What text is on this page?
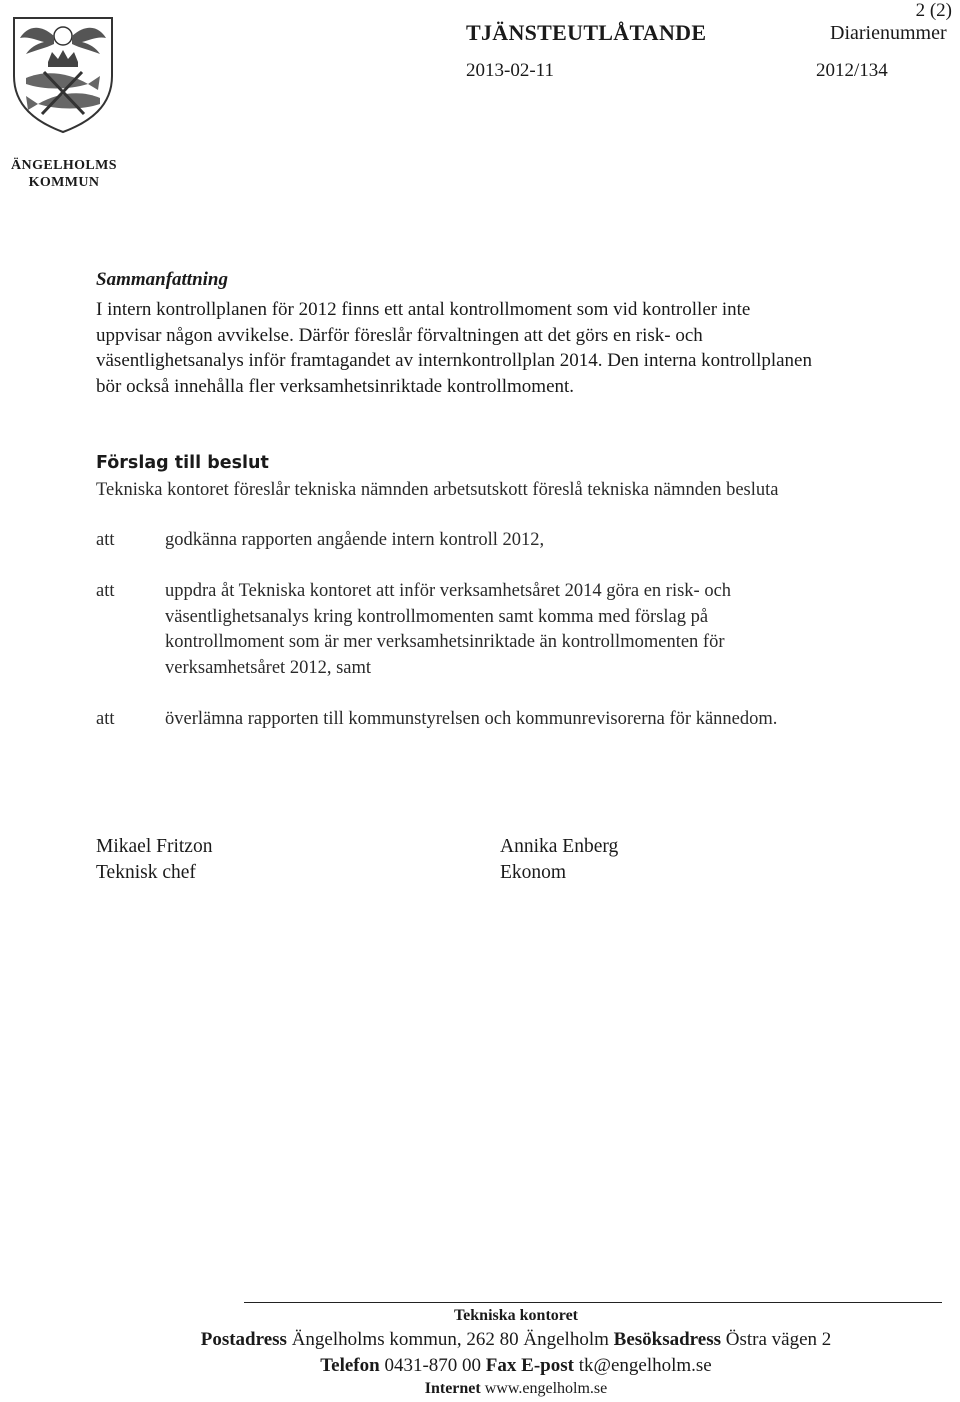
2 (2)
TJÄNSTEUTLÅTANDE	Diarienummer
2013-02-11	2012/134
ÄNGELHOLMS
KOMMUN
Sammanfattning
I intern kontrollplanen för 2012 finns ett antal kontrollmoment som vid kontroller inte
uppvisar någon avvikelse. Därför föreslår förvaltningen att det görs en risk- och
väsentlighetsanalys inför framtagandet av internkontrollplan 2014. Den interna kontrollplanen
bör också innehålla fler verksamhetsinriktade kontrollmoment.
Förslag till beslut
Tekniska kontoret föreslår tekniska nämnden arbetsutskott föreslå tekniska nämnden besluta
att	godkänna rapporten angående intern kontroll 2012,
att	uppdra åt Tekniska kontoret att inför verksamhetsåret 2014 göra en risk- och
väsentlighetsanalys kring kontrollmomenten samt komma med förslag på
kontrollmoment som är mer verksamhetsinriktade än kontrollmomenten för
verksamhetsåret 2012, samt
att	överlämna rapporten till kommunstyrelsen och kommunrevisorerna för kännedom.
Mikael Fritzon
Teknisk chef
Annika Enberg
Ekonom
Tekniska kontoret
Postadress Ängelholms kommun, 262 80 Ängelholm Besöksadress Östra vägen 2
Telefon 0431-870 00 Fax E-post tk@engelholm.se
Internet www.engelholm.se
